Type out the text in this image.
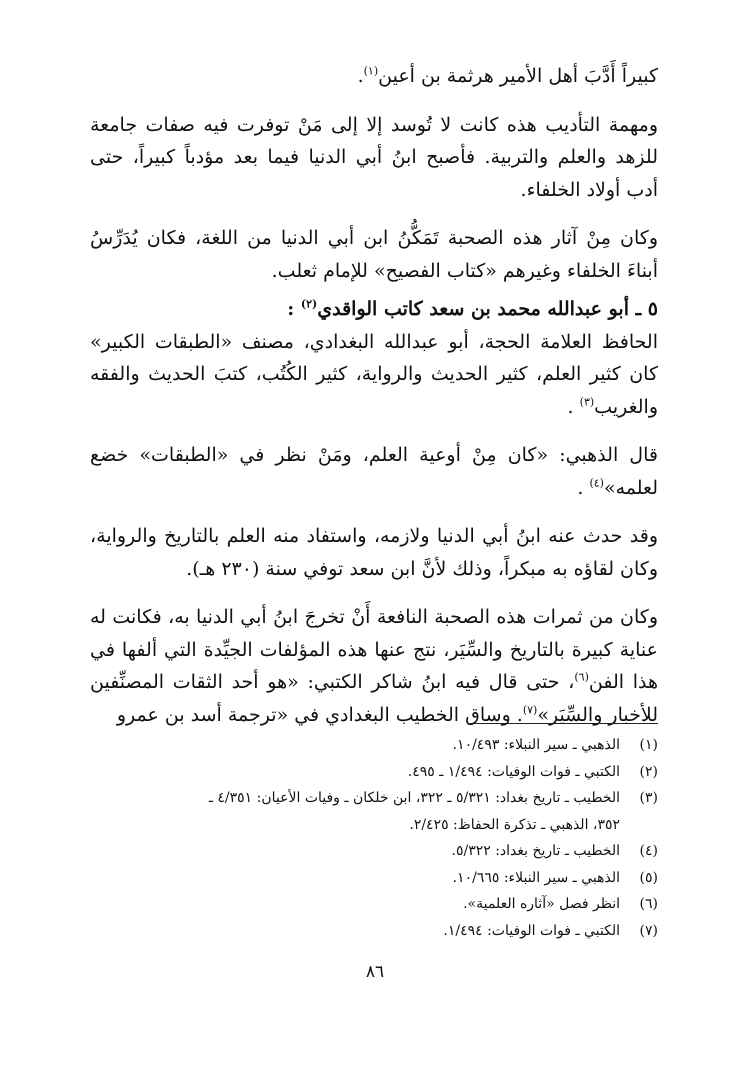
كبيراً أَدَّبَ أهل الأمير هرثمة بن أعين$^{(١)}$.

ومهمة التأديب هذه كانت لا تُوسد إلا إلى مَنْ توفرت فيه صفات جامعة للزهد والعلم والتربية. فأصبح ابنُ أبي الدنيا فيما بعد مؤدباً كبيراً، حتى أدب أولاد الخلفاء.

وكان مِنْ آثار هذه الصحبة تَمَكُّنُ ابن أبي الدنيا من اللغة، فكان يُدَرِّسُ أبناءَ الخلفاء وغيرهم «كتاب الفصيح» للإمام ثعلب.

٥ ـ أبو عبدالله محمد بن سعد كاتب الواقدي$^{(٢)}$ :

الحافظ العلامة الحجة، أبو عبدالله البغدادي، مصنف «الطبقات الكبير» كان كثير العلم، كثير الحديث والرواية، كثير الكُتُب، كتبَ الحديث والفقه والغريب$^{(٣)}$ .

قال الذهبي: «كان مِنْ أوعية العلم، ومَنْ نظر في «الطبقات» خضع لعلمه»$^{(٤)}$ .

وقد حدث عنه ابنُ أبي الدنيا ولازمه، واستفاد منه العلم بالتاريخ والرواية، وكان لقاؤه به مبكراً، وذلك لأنَّ ابن سعد توفي سنة (٢٣٠ هـ).

وكان من ثمرات هذه الصحبة النافعة أَنْ تخرجَ ابنُ أبي الدنيا به، فكانت له عناية كبيرة بالتاريخ والسِّيَر، نتج عنها هذه المؤلفات الجيِّدة التي ألفها في هذا الفن$^{(٦)}$، حتى قال فيه ابنُ شاكر الكتبي: «هو أحد الثقات المصنِّفين للأخبار والسِّيَر»$^{(٧)}$. وساق الخطيب البغدادي في «ترجمة أسد بن عمرو

(١)
الذهبي ـ سير النبلاء: ١٠/٤٩٣.
(٢)
الكتبي ـ فوات الوفيات: ١/٤٩٤ ـ ٤٩٥.
(٣)
الخطيب ـ تاريخ بغداد: ٥/٣٢١ ـ ٣٢٢، ابن خلكان ـ وفيات الأعيان: ٤/٣٥١ ـ
٣٥٢، الذهبي ـ تذكرة الحفاظ: ٢/٤٢٥.
(٤)
الخطيب ـ تاريخ بغداد: ٥/٣٢٢.
(٥)
الذهبي ـ سير النبلاء: ١٠/٦٦٥.
(٦)
انظر فصل «آثاره العلمية».
(٧)
الكتبي ـ فوات الوفيات: ١/٤٩٤.
٨٦
